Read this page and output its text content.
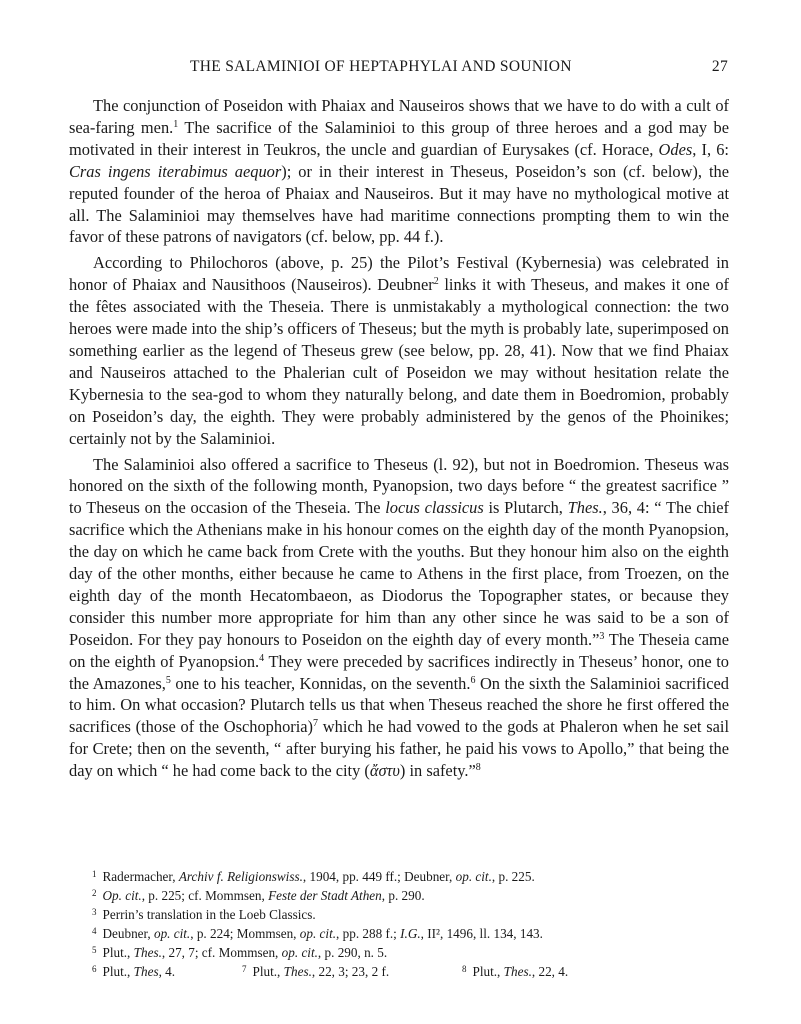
THE SALAMINIOI OF HEPTAPHYLAI AND SOUNION	27

The conjunction of Poseidon with Phaiax and Nauseiros shows that we have to do with a cult of sea-faring men.$^1$ The sacrifice of the Salaminioi to this group of three heroes and a god may be motivated in their interest in Teukros, the uncle and guardian of Eurysakes (cf. Horace, Odes, I, 6: Cras ingens iterabimus aequor); or in their interest in Theseus, Poseidon’s son (cf. below), the reputed founder of the heroa of Phaiax and Nauseiros. But it may have no mythological motive at all. The Salaminioi may themselves have had maritime connections prompting them to win the favor of these patrons of navigators (cf. below, pp. 44 f.).

According to Philochoros (above, p. 25) the Pilot’s Festival (Kybernesia) was celebrated in honor of Phaiax and Nausithoos (Nauseiros). Deubner$^2$ links it with Theseus, and makes it one of the fêtes associated with the Theseia. There is unmistakably a mythological connection: the two heroes were made into the ship’s officers of Theseus; but the myth is probably late, superimposed on something earlier as the legend of Theseus grew (see below, pp. 28, 41). Now that we find Phaiax and Nauseiros attached to the Phalerian cult of Poseidon we may without hesitation relate the Kybernesia to the sea-god to whom they naturally belong, and date them in Boedromion, probably on Poseidon’s day, the eighth. They were probably administered by the genos of the Phoinikes; certainly not by the Salaminioi.

The Salaminioi also offered a sacrifice to Theseus (l. 92), but not in Boedromion. Theseus was honored on the sixth of the following month, Pyanopsion, two days before “ the greatest sacrifice ” to Theseus on the occasion of the Theseia. The locus classicus is Plutarch, Thes., 36, 4: “ The chief sacrifice which the Athenians make in his honour comes on the eighth day of the month Pyanopsion, the day on which he came back from Crete with the youths. But they honour him also on the eighth day of the other months, either because he came to Athens in the first place, from Troezen, on the eighth day of the month Hecatombaeon, as Diodorus the Topographer states, or because they consider this number more appropriate for him than any other since he was said to be a son of Poseidon. For they pay honours to Poseidon on the eighth day of every month.”$^3$ The Theseia came on the eighth of Pyanopsion.$^4$ They were preceded by sacrifices indirectly in Theseus’ honor, one to the Amazones,$^5$ one to his teacher, Konnidas, on the seventh.$^6$ On the sixth the Salaminioi sacrificed to him. On what occasion? Plutarch tells us that when Theseus reached the shore he first offered the sacrifices (those of the Oschophoria)$^7$ which he had vowed to the gods at Phaleron when he set sail for Crete; then on the seventh, “ after burying his father, he paid his vows to Apollo,” that being the day on which “ he had come back to the city (ἄστυ) in safety.”$^8$

$^1$ Radermacher, Archiv f. Religionswiss., 1904, pp. 449 ff.; Deubner, op. cit., p. 225.
$^2$ Op. cit., p. 225; cf. Mommsen, Feste der Stadt Athen, p. 290.
$^3$ Perrin’s translation in the Loeb Classics.
$^4$ Deubner, op. cit., p. 224; Mommsen, op. cit., pp. 288 f.; I.G., II², 1496, ll. 134, 143.
$^5$ Plut., Thes., 27, 7; cf. Mommsen, op. cit., p. 290, n. 5.
$^6$ Plut., Thes, 4.	$^7$ Plut., Thes., 22, 3; 23, 2 f.	$^8$ Plut., Thes., 22, 4.
